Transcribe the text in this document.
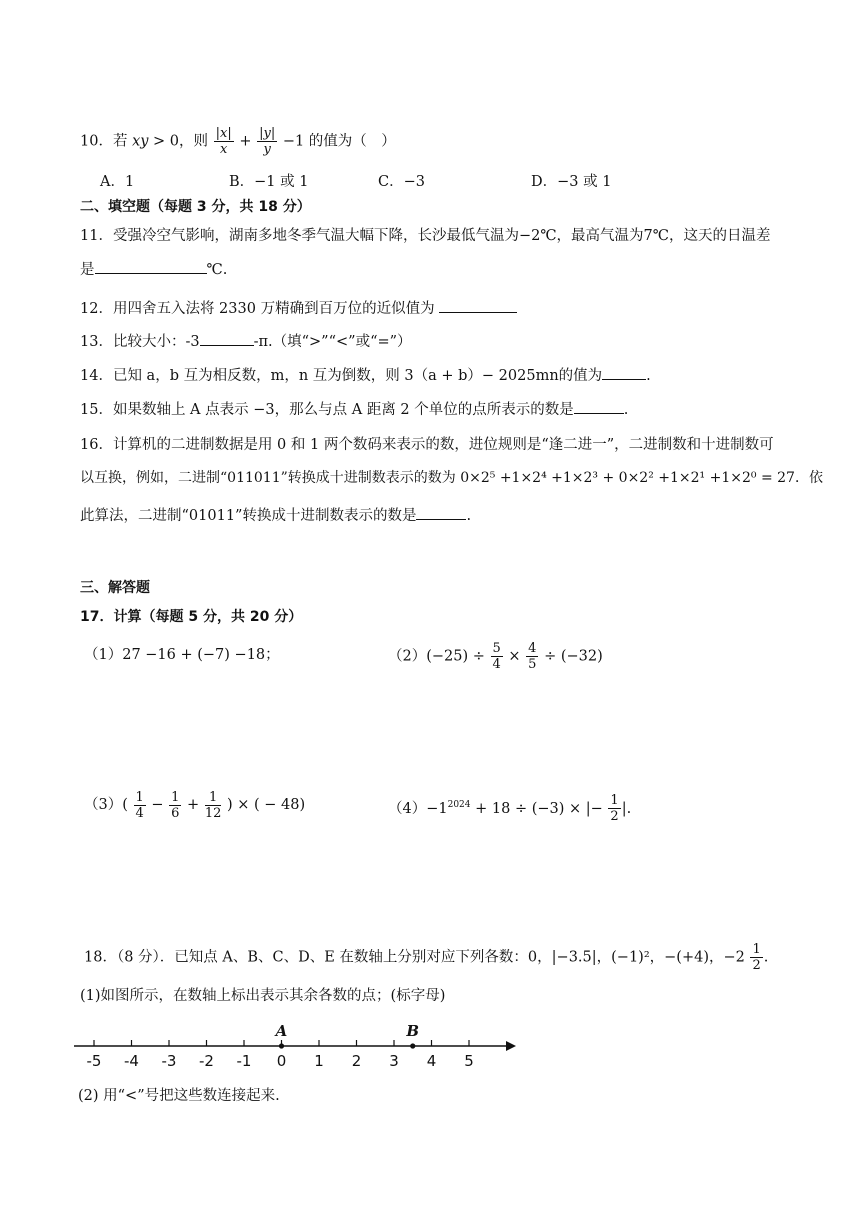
10．若 xy > 0，则 $\frac{|x|}{x} + \frac{|y|}{y} -1$ 的值为（　）
A．1	B．−1 或 1	C．−3	D．−3 或 1
二、填空题（每题 3 分，共 18 分）
11．受强冷空气影响，湖南多地冬季气温大幅下降，长沙最低气温为−2℃，最高气温为7℃，这天的日温差
是	℃.
12．用四舍五入法将 2330 万精确到百万位的近似值为
13．比较大小：-3	-π.（填“>”“<”或“=”）
14．已知 a，b 互为相反数，m，n 互为倒数，则 3（a + b）− 2025mn的值为	.
15．如果数轴上 A 点表示 −3，那么与点 A 距离 2 个单位的点所表示的数是	.
16．计算机的二进制数据是用 0 和 1 两个数码来表示的数，进位规则是“逢二进一”，二进制数和十进制数可
以互换，例如，二进制“011011”转换成十进制数表示的数为 0×2⁵ +1×2⁴ +1×2³ + 0×2² +1×2¹ +1×2⁰ = 27．依
此算法，二进制“01011”转换成十进制数表示的数是	.
三、解答题
17．计算（每题 5 分，共 20 分）
（1）27 −16 + (−7) −18；	$(2)(-25) \div \frac{5}{4} \times \frac{4}{5} \div (-32)$
$(3)( \frac{1}{4} - \frac{1}{6} + \frac{1}{12}$ ) × ( − 48)	$(4)-1^{2024} + 18 \div (-3)$ × |− $\frac{1}{2}$ |.
18．（8 分）．已知点 A、B、C、D、E 在数轴上分别对应下列各数：0，|−3.5|，(−1)²，−(+4)，$-2 \frac{1}{2}$ .
(1)如图所示，在数轴上标出表示其余各数的点；(标字母)
-5 -4 -3 -2 -1 0 1 2 3 4 5
A	B
(2) 用“<”号把这些数连接起来.
